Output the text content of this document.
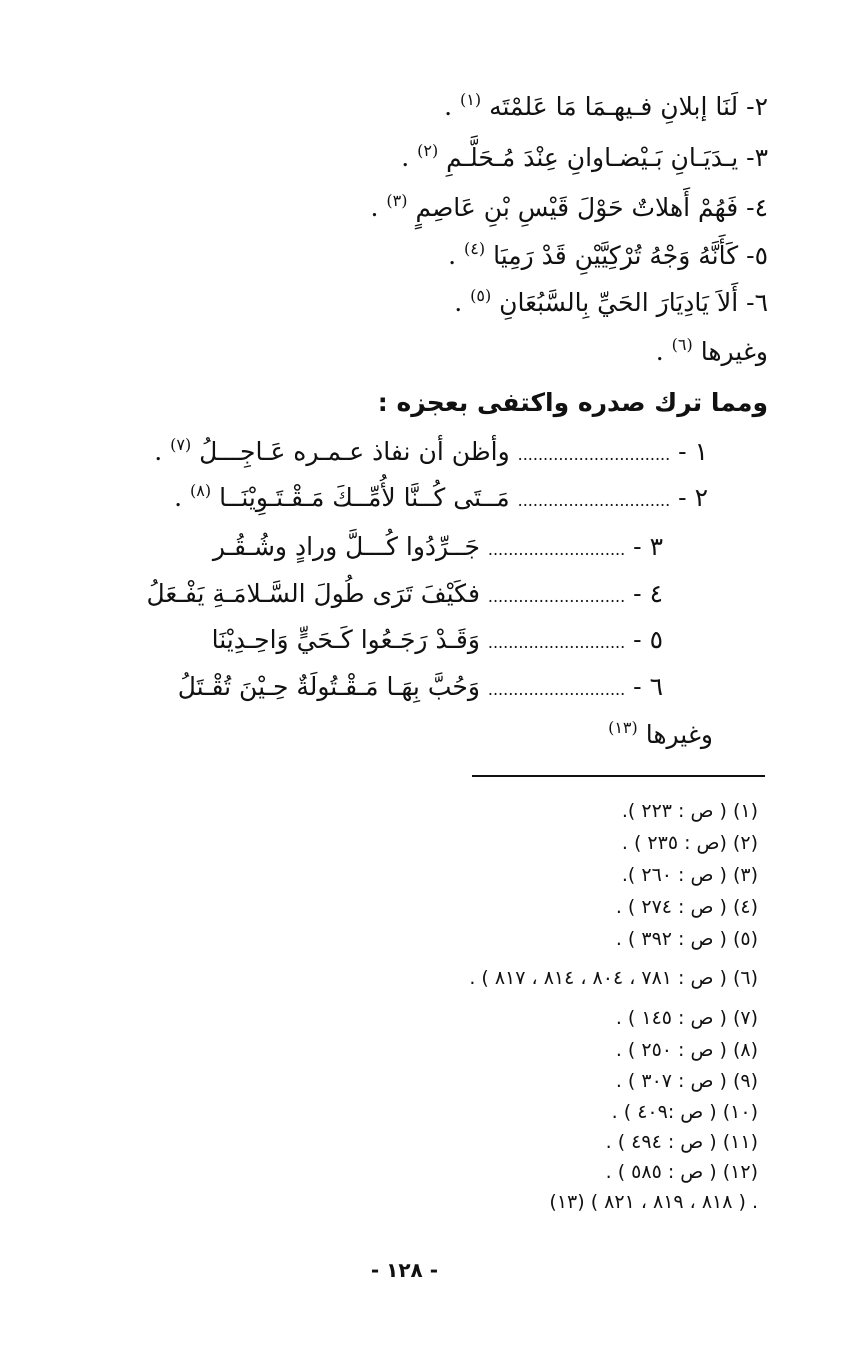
٢- لَنَا إبلانِ فـيهـمَا مَا عَلمْتَه $^{(١)}$ .
٣- يـدَيَـانِ بَـيْضـاوانِ عِنْدَ مُـحَلَّـمِ $^{(٢)}$ .
٤- فَهُمْ أَهلاتٌ حَوْلَ قَيْسِ بْنِ عَاصِمٍ $^{(٣)}$ .
٥- كَأَنَّهُ وَجْهُ تُرْكِيَّيْنِ قَدْ رَمِيَا $^{(٤)}$ .
٦- أَلاَ يَادِيَارَ الحَيِّ بِالسَّبُعَانِ $^{(٥)}$ .
وغيرها $^{(٦)}$ .
ومما ترك صدره واكتفى بعجزه :
١ - .............................. وأظن أن نفاذ عـمـره عَـاجِـــلُ $^{(٧)}$ .
٢ - .............................. مَــتَى كُــنَّا لأُمِّــكَ مَـقْـتَـوِيْنَــا $^{(٨)}$ .
٣ - ........................... جَــرِّدُوا كُـــلَّ ورادٍ وشُـقُـر
٤ - ........................... فكَيْفَ تَرَى طُولَ السَّـلامَـةِ يَفْـعَلُ
٥ - ........................... وَقَـدْ رَجَـعُوا كَـحَيٍّ وَاحِـدِيْنَا
٦ - ........................... وَحُبَّ بِهَـا مَـقْـتُولَةٌ حِـيْنَ تُقْـتَلُ
وغيرها $^{(١٣)}$
(١) ( ص : ٢٢٣ ).
(٢) (ص : ٢٣٥ ) .
(٣) ( ص : ٢٦٠ ).
(٤) ( ص : ٢٧٤ ) .
(٥) ( ص : ٣٩٢ ) .
(٦) ( ص : ٧٨١ ، ٨٠٤ ، ٨١٤ ، ٨١٧ ) .
(٧) ( ص : ١٤٥ ) .
(٨) ( ص : ٢٥٠ ) .
(٩) ( ص : ٣٠٧ ) .
(١٠) ( ص :٤٠٩ ) .
(١١) ( ص : ٤٩٤ ) .
(١٢) ( ص : ٥٨٥ ) .
(١٣) ( ٨١٨ ، ٨١٩ ، ٨٢١ ) .
- ١٢٨ -
